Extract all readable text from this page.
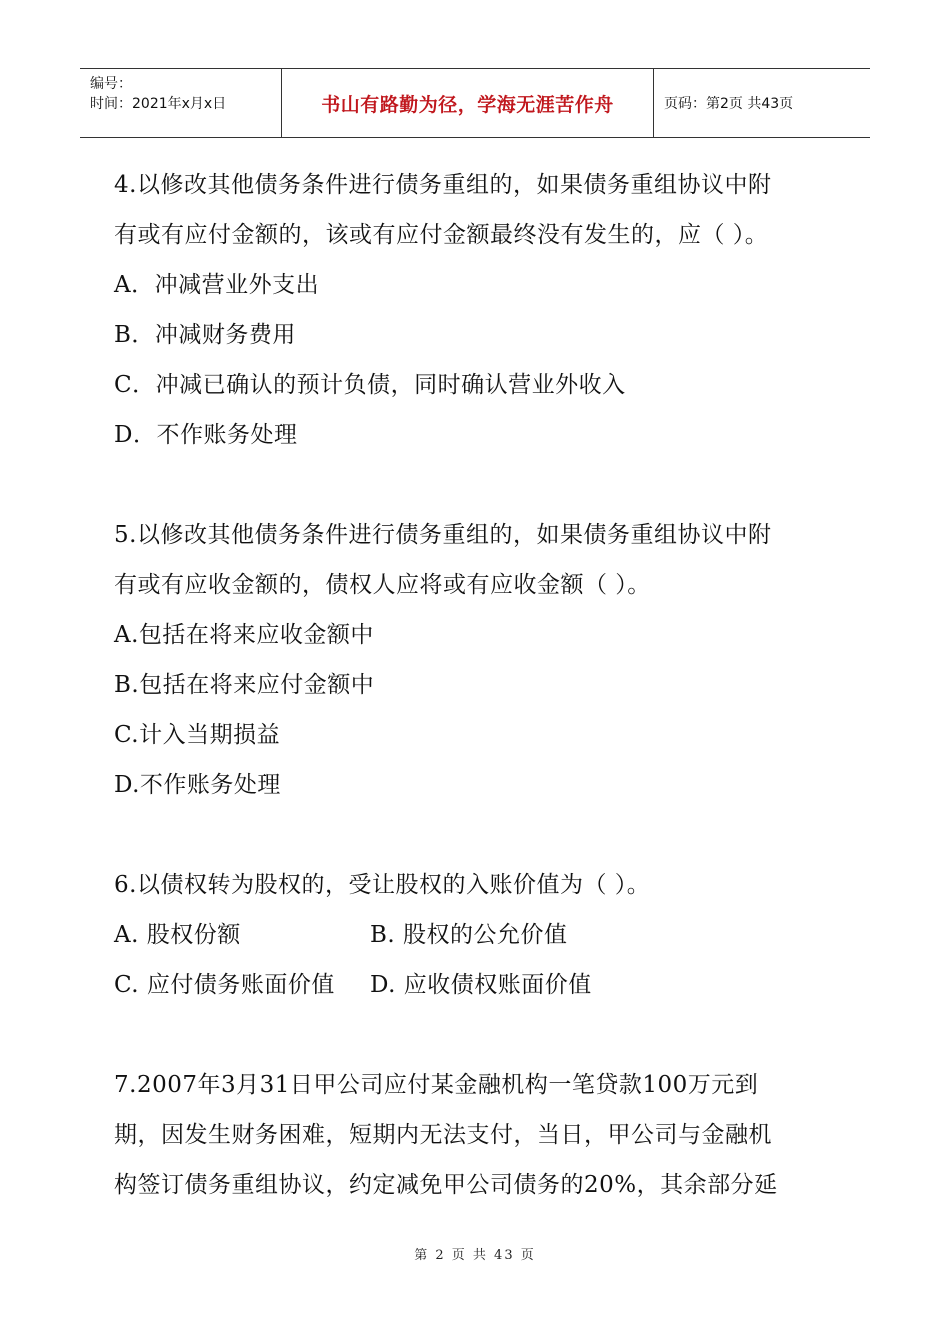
编号：
时间：2021年x月x日	书山有路勤为径，学海无涯苦作舟	页码：第2页 共43页
4.以修改其他债务条件进行债务重组的，如果债务重组协议中附
有或有应付金额的，该或有应付金额最终没有发生的，应（ ）。
A．冲减营业外支出
B．冲减财务费用
C．冲减已确认的预计负债，同时确认营业外收入
D．不作账务处理
5.以修改其他债务条件进行债务重组的，如果债务重组协议中附
有或有应收金额的，债权人应将或有应收金额（ ）。
A.包括在将来应收金额中
B.包括在将来应付金额中
C.计入当期损益
D.不作账务处理
6.以债权转为股权的，受让股权的入账价值为（ ）。
A. 股权份额	B. 股权的公允价值
C. 应付债务账面价值	D. 应收债权账面价值
7.2007年3月31日甲公司应付某金融机构一笔贷款100万元到
期，因发生财务困难，短期内无法支付，当日，甲公司与金融机
构签订债务重组协议，约定减免甲公司债务的20%，其余部分延
第 2 页 共 43 页
